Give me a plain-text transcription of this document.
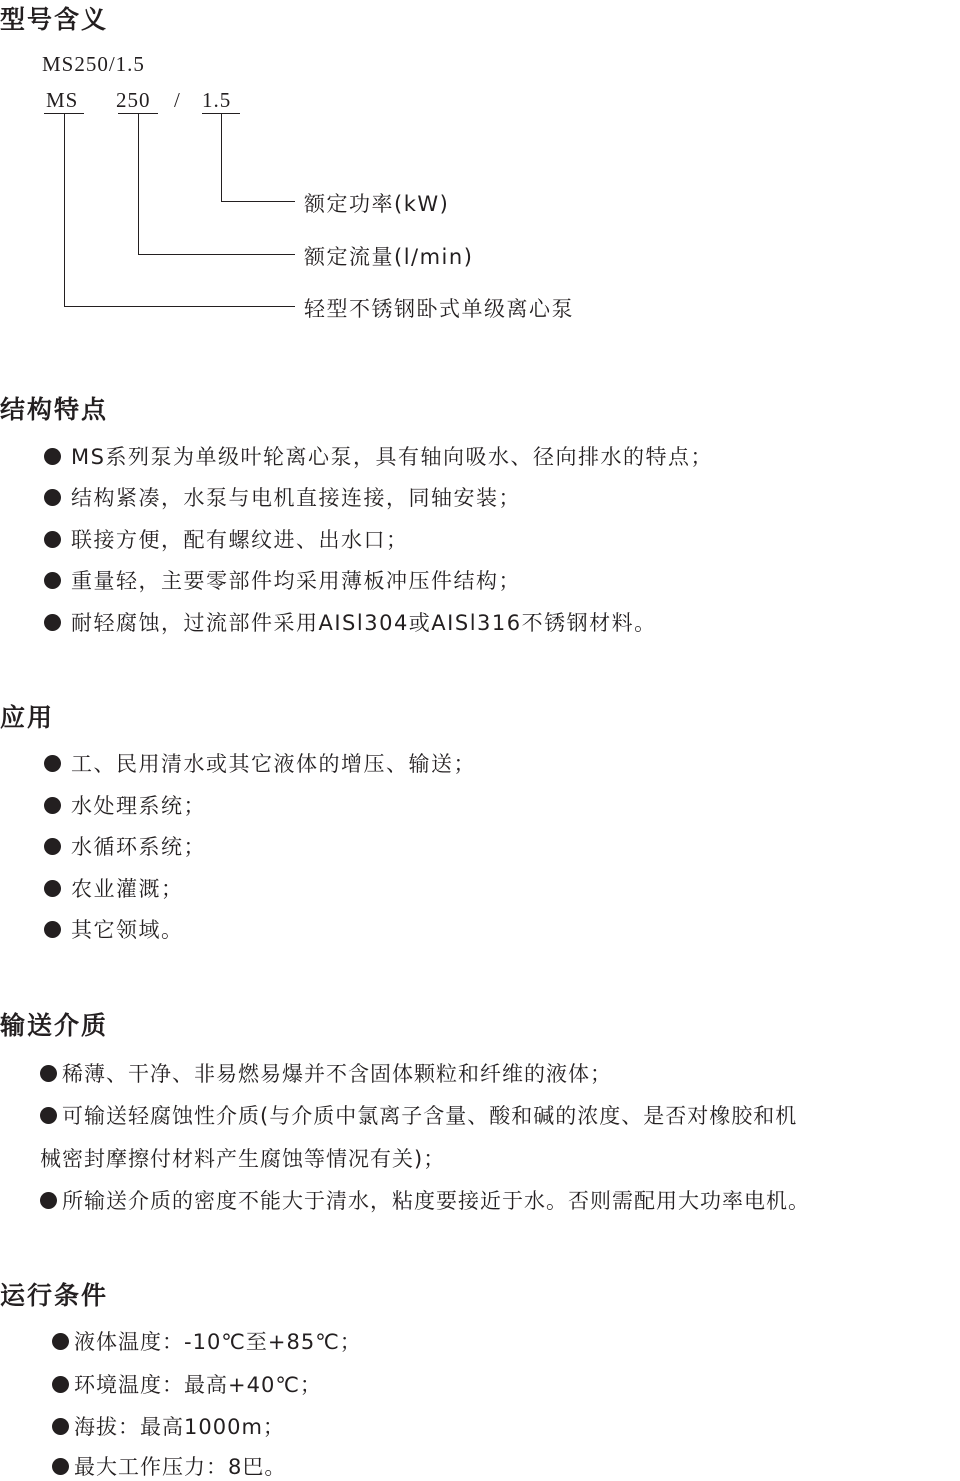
型号含义
MS250/1.5
MS 250 / 1.5
额定功率(kW)
额定流量(l/min)
轻型不锈钢卧式单级离心泵
结构特点
MS系列泵为单级叶轮离心泵，具有轴向吸水、径向排水的特点；
结构紧凑，水泵与电机直接连接，同轴安装；
联接方便，配有螺纹进、出水口；
重量轻，主要零部件均采用薄板冲压件结构；
耐轻腐蚀，过流部件采用AISl304或AISl316不锈钢材料。
应用
工、民用清水或其它液体的增压、输送；
水处理系统；
水循环系统；
农业灌溉；
其它领域。
输送介质
稀薄、干净、非易燃易爆并不含固体颗粒和纤维的液体；
可输送轻腐蚀性介质(与介质中氯离子含量、酸和碱的浓度、是否对橡胶和机
械密封摩擦付材料产生腐蚀等情况有关)；
所输送介质的密度不能大于清水，粘度要接近于水。否则需配用大功率电机。
运行条件
液体温度：-10℃至+85℃；
环境温度：最高+40℃；
海拔：最高1000m；
最大工作压力：8巴。
